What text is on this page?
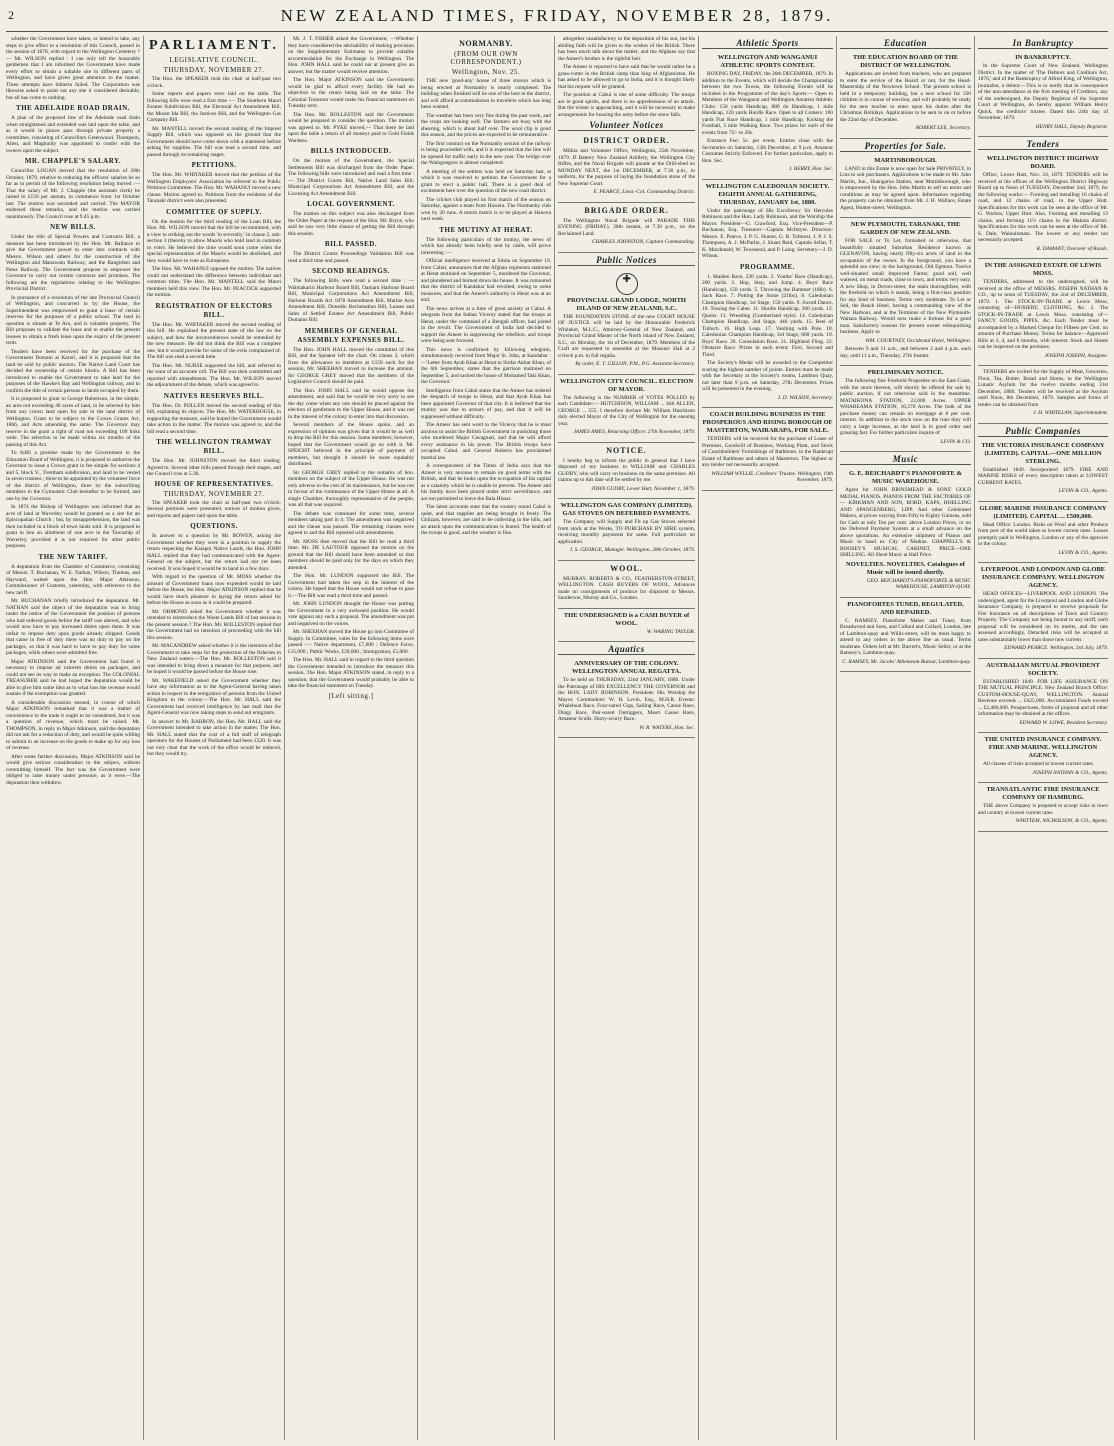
2	NEW ZEALAND TIMES, FRIDAY, NOVEMBER 28, 1879.

whether the Government have taken, or intend to take, any steps to give effect to a resolution of this Council, passed in the session of 1878, with regard to the Wellington Cemetery ? — Mr. WILSON replied : I can only tell the honorable gentlemen that I am informed the Government have made every effort to obtain a suitable site in different parts of Wellington, and have given great attention to the matter. Three attempts have hitherto failed. The Corporation was likewise asked to point out any site it considered desirable, but all has come to nothing.

THE ADELAIDE ROAD DRAIN.

A plan of the proposed line of the Adelaide road drain when straightened and extended was laid upon the table, and as it would in places pass through private property a committee, consisting of Councillors Greenwood, Thompson, Allen, and Maginnity was appointed to confer with the owners upon the subject.

MR. CHAPPLE'S SALARY.

Councillor LOGAN moved that the resolution of 20th October, 1879, relative to reducing the officers' salaries be so far as to permit of the following resolution being moved :— That the salary of Mr. J. Chapple (the assistant clerk) be raised to £150 per annum, to commence from 1st October last. The motion was seconded and carried. The MAYOR endorsed these remarks, and the motion was carried unanimously. The Council rose at 9.45 p.m.

NEW BILLS.

Under the title of Special Powers and Contracts Bill, a measure has been introduced by the Hon. Mr. Ballance to give the Government power to enter into contracts with Messrs. Wilson and others for the construction of the Wellington and Manawatu Railway, and the Rangitikei and Patea Railway. The Government propose to empower the Governor to carry out certain contracts and promises. The following are the regulations relating to the Wellington Provincial District.

In pursuance of a resolution of the late Provincial Council of Wellington, and concurred in by the House, the Superintendent was empowered to grant a lease of certain reserves for the purposes of a public school. The land in question is situate at Te Aro, and is valuable property. The Bill proposes to validate the lease and to enable the present lessees to obtain a fresh lease upon the expiry of the present term.

Tenders have been received for the purchase of the Government Domain at Karori, and it is proposed that the land be sold by public auction. The Native Land Court has decided the ownership of certain blocks. A Bill has been introduced to enable the Government to take land for the purposes of the Hawke's Bay and Wellington railway, and to confirm the title of certain persons to lands occupied by them.

It is proposed to grant to George Robertson, in fee simple, an area not exceeding 40 acres of land, to be selected by him from any crown land open for sale in the land district of Wellington. Grant to be subject to the Crown Grants Act, 1866, and Acts amending the same. The Governor may reserve in the grant a right of road not exceeding 100 links wide. The selection to be made within six months of the passing of this Act.

To fulfil a promise made by the Government to the Education Board of Wellington, it is proposed to authorise the Governor to issue a Crown grant in fee simple for sections 4 and 5, block V., Trentham subdivision, and land to be vested in seven trustees ; three to be appointed by the volunteer force of the district of Wellington, three by the subscribing members to the Gymnastic Club hereafter to be formed, and one by the Governor.

In 1874 the Bishop of Wellington was informed that an acre of land at Waverley would be granted as a site for an Episcopalian Church ; but, by misapprehension, the land was then included in a block of town lands sold. It is proposed to grant in lieu an allotment of one acre in the Township of Waverley, provided it is not required for other public purposes.

THE NEW TARIFF.

A deputation from the Chamber of Commerce, consisting of Messrs. T. Buchanan, W. E. Nathan, Wilson, Thomas, and Hayward, waited upon the Hon. Major Atkinson, Commissioner of Customs, yesterday, with reference to the new tariff.

Mr. BUCHANAN briefly introduced the deputation. Mr. NATHAN said the object of the deputation was to bring under the notice of the Government the position of persons who had ordered goods before the tariff was altered, and who would now have to pay increased duties upon them. It was unfair to impose duty upon goods already shipped. Goods that came in free of duty there was no duty to pay on the packages, so that it was hard to have to pay duty for some packages, while others were admitted free.

Major ATKINSON said the Government had found it necessary to impose ad valorem duties on packages, and could not see its way to make an exception. The COLONIAL TREASURER said he had hoped the deputation would be able to give him some idea as to what loss the revenue would sustain if the exemption was granted.

A considerable discussion ensued, in course of which Major ATKINSON remarked that it was a matter of convenience to the trade it ought to be considered, but it was a question of revenue, which must be raised. Mr. THOMPSON, in reply to Major Atkinson, said the deputation did not ask for a reduction of duty, and would be quite willing to submit to an increase on the goods to make up for any loss of revenue.

After some further discussion, Major ATKINSON said he would give serious consideration to the subject, without committing himself. The fact was the Government were obliged to raise money under pressure, as it were.—The deputation then withdrew.

PARLIAMENT.

LEGISLATIVE COUNCIL.

THURSDAY, NOVEMBER 27.

The Hon. the SPEAKER took the chair at half-past two o'clock.

Some reports and papers were laid on the table. The following bills were read a first time :— The Southern Maori Estates Subdivision Bill, the Electoral Act Amendment Bill, the Mount Ida Bill, the Justices Bill, and the Wellington Gas Company Bill.

Mr. MANTELL moved the second reading of the Imprest Supply Bill, which was opposed on the ground that the Government should have come down with a statement before asking for supplies. The bill was read a second time, and passed through its remaining stages.

PETITIONS.

The Hon. Mr. WHITAKER moved that the petition of the Wellington Employers' Association be referred to the Public Petitions Committee. The Hon. Mr. WAHANUI moved a new clause. Motion agreed to. Petitions from the residents of the Taranaki district were also presented.

COMMITTEE OF SUPPLY.

On the motion for the third reading of the Loan Bill, the Hon. Mr. WILSON moved that the bill be recommitted, with a view to striking out the words 'in severalty,' in clause 2, sub-section 3 (thereby to allow Maoris who hold land in common to vote). He believed the time would soon come when the special representation of the Maoris would be abolished, and they would have to vote as Europeans.

The Hon. Mr. WAHANUI opposed the motion. The natives could not understand the difference between individual and common titles. The Hon. Mr. MANTELL said the Maori members held this view. The Hon. Mr. PEACOCK supported the motion.

REGISTRATION OF ELECTORS BILL.

The Hon. Mr. WHITAKER moved the second reading of this bill. He explained the present state of the law on the subject, and how the inconveniences would be remedied by the new measure. He did not think the Bill was a complete one, but it would provide for some of the evils complained of. The bill was read a second time.

The Hon. Mr. NURSE supported the bill, and referred to the want of an accurate roll. The Bill was then committed and reported with amendments. The Hon. Mr. WILSON moved the adjournment of the debate, which was agreed to.

NATIVES RESERVES BILL.

The Hon. Dr. POLLEN moved the second reading of this bill, explaining its objects. The Hon. Mr. WATERHOUSE, in supporting the measure, said he hoped the Government would take action in the matter. The motion was agreed to, and the bill read a second time.

THE WELLINGTON TRAMWAY BILL.

The Hon. Mr. JOHNSTON moved the third reading. Agreed to. Several other bills passed through their stages, and the Council rose at 5.30.

HOUSE OF REPRESENTATIVES.

THURSDAY, NOVEMBER 27.

The SPEAKER took the chair at half-past two o'clock. Several petitions were presented, notices of motion given, and reports and papers laid upon the table.

QUESTIONS.

In answer to a question by Mr. BOWEN, asking the Government whether they were in a position to supply the return respecting the Kaiapoi Native Lands, the Hon. JOHN HALL replied that they had communicated with the Agent-General on the subject, but the return had not yet been received. It was hoped it would be to hand in a few days.

With regard to the question of Mr. MOSS whether the amount of Government loans now expended would be laid before the House, the Hon. Major ATKINSON replied that he would have much pleasure in laying the return asked for before the House as soon as it could be prepared.

Mr. ORMOND asked the Government whether it was intended to reintroduce the Waste Lands Bill of last session in the present session ? The Hon. Mr. ROLLESTON replied that the Government had no intention of proceeding with the bill this session.

Mr. MACANDREW asked whether it is the intention of the Government to take steps for the protection of the fisheries in New Zealand waters.—The Hon. Mr. ROLLESTON said it was intended to bring down a measure for that purpose, and he hoped it would be passed before the House rose.

Mr. WAKEFIELD asked the Government whether they have any information as to the Agent-General having taken action in respect to the emigration of persons from the United Kingdom to the colony.—The Hon. Mr. HALL said the Government had received intelligence by last mail that the Agent-General was now taking steps to send out emigrants.

In answer to Mr. BARRON, the Hon. Mr. HALL said the Government intended to take action in the matter. The Hon. Mr. HALL stated that the cost of a full staff of telegraph operators for the Houses of Parliament had been £320. It was not very clear that the work of the office would be reduced, but they would try.

Mr. J. T. FISHER asked the Government, —Whether they have considered the advisability of making provision on the Supplementary Estimates to provide suitable accommodation for the Exchange in Wellington. The Hon. JOHN HALL said he could not at present give an answer, but the matter would receive attention.

The Hon. Major ATKINSON said the Government would be glad to afford every facility. He had no objection to the return being laid on the table. The Colonial Treasurer would make his financial statement on Tuesday next.

The Hon. Mr. ROLLESTON said the Government would be prepared to consider the question. The motion was agreed to. Mr. PYKE moved,— That there be laid upon the table a return of all moneys paid to Gold Fields Wardens.

BILLS INTRODUCED.

On the motion of the Government, the Special Settlements Bill was discharged from the Order Paper. The following bills were introduced and read a first time :— The District Courts Bill, Native Land Sales Bill, Municipal Corporations Act Amendment Bill, and the Licensing Act Amendment Bill.

LOCAL GOVERNMENT.

The motion on this subject was also discharged from the Order Paper at the request of the Hon. Mr. Bryce, who said he saw very little chance of getting the Bill through this session.

BILL PASSED.

The District Courts Proceedings Validation Bill was read a third time and passed.

SECOND READINGS.

The following Bills were read a second time : —Waimakariri Harbour Board Bill, Oamaru Harbour Board Bill, Municipal Corporations Act Amendment Bill, Harbour Boards Act 1878 Amendment Bill, Marine Acts Amendment Bill, Dunedin Reclamation Bill, Leases and Sales of Settled Estates Act Amendment Bill, Public Domains Bill.

MEMBERS OF GENERAL ASSEMBLY EXPENSES BILL.

The Hon. JOHN HALL moved the committal of this Bill, and the Speaker left the chair. On clause 3, which fixes the allowance to members at £150 each for the session, Mr. SHEEHAN moved to increase the amount. Sir GEORGE GREY moved that the members of the Legislative Council should be paid.

The Hon. JOHN HALL said he would oppose the amendment, and said that he would be very sorry to see the day come when any one should be placed against the election of gentlemen to the Upper House, and it was not in the interest of the colony to enter into that discussion.

Several members of the House spoke, and an expression of opinion was given that it would be as well to drop the Bill for this session. Some members, however, hoped that the Government would go on with it. Mr. SPEIGHT believed in the principle of payment of members, but thought it should be more equitably distributed.

Sir GEORGE GREY replied to the remarks of hon. members on the subject of the Upper House. He was not only adverse to the cost of its maintenance, but he was not in favour of the continuance of the Upper House at all. A single Chamber, thoroughly representative of the people, was all that was required.

The debate was continued for some time, several members taking part in it. The amendment was negatived and the clause was passed. The remaining clauses were agreed to and the Bill reported with amendments.

Mr. MOSS then moved that the Bill be read a third time. Mr. DE LAUTOUR opposed the motion on the ground that the Bill should have been amended so that members should be paid only for the days on which they attended.

The Hon. Mr. LUNDON supported the Bill. The Government had taken the step in the interest of the colony. He hoped that the House would not refuse to pass it.—The Bill was read a third time and passed.

Mr. JOHN LUNDON thought the House was putting the Government in a very awkward position. He would vote against any such a proposal. The amendment was put and negatived on the voices.

Mr. SHEEHAN moved the House go into Committee of Supply. In Committee, votes for the following items were passed :— Native department, £7,000 ; Defence Force, £15,000 ; Public Works, £20,000 ; Immigration, £5,000.

The Hon. Mr. HALL said in regard to the third question the Government intended to introduce the measure this session. The Hon. Major ATKINSON stated, in reply to a question, that the Government would probably be able to take the financial statement on Tuesday.

[Left sitting.]

NORMANBY.

(FROM OUR OWN CORRESPONDENT.)

Wellington, Nov. 25.

THE new 'good-any' house of three storeys which is being erected at Normanby is nearly completed. The building when finished will be one of the best in the district, and will afford accommodation to travellers which has long been wanted.

The weather has been very fine during the past week, and the crops are looking well. The farmers are busy with the shearing, which is about half over. The wool clip is good this season, and the prices are expected to be remunerative.

The first contract on the Normanby section of the railway is being proceeded with, and it is expected that the line will be opened for traffic early in the new year. The bridge over the Waingongoro is almost completed.

A meeting of the settlers was held on Saturday last, at which it was resolved to petition the Government for a grant to erect a public hall. There is a good deal of excitement here over the question of the new road district.

The cricket club played its first match of the season on Saturday, against a team from Hawera. The Normanby club won by 20 runs. A return match is to be played at Hawera next week.

THE MUTINY AT HERAT.

The following particulars of the mutiny, the news of which has already been briefly sent by cable, will prove interesting :—

Official intelligence received at Simla on September 19, from Cabul, announces that the Afghan regiments stationed at Herat mutinied on September 5, murdered the Governor, and plundered and burned down his house. It was rumoured that the district of Kandahar had revolted, owing to some measures, and that the Ameer's authority in Herat was at an end.

The news arrives at a time of great anxiety at Cabul. A telegram from the Indian Viceroy stated that the troops at Herat, under the command of a Bengali officer, had joined in the revolt. The Government of India had decided to support the Ameer in suppressing the rebellion, and troops were being sent forward.

This news is confirmed by following telegram, simultaneously received from Major St. John, at Kandahar :—'Letter from Ayub Khan at Herat to Sirdar Akbar Khan, of the 6th September, states that the garrison mutinied on September 5, and sacked the house of Mohamed Taki Khan, the Governor.'

Intelligence from Cabul states that the Ameer has ordered the despatch of troops to Herat, and that Ayub Khan has been appointed Governor of that city. It is believed that the mutiny was due to arrears of pay, and that it will be suppressed without difficulty.

The Ameer has sent word to the Viceroy that he is most anxious to assist the British Government in punishing those who murdered Major Cavagnari, and that he will afford every assistance in his power. The British troops have occupied Cabul, and General Roberts has proclaimed martial law.

A correspondent of the Times of India says that the Ameer is very anxious to remain on good terms with the British, and that he looks upon the occupation of his capital as a calamity which he is unable to prevent. The Ameer and his family have been placed under strict surveillance, and are not permitted to leave the Bala Hissar.

The latest accounts state that the country round Cabul is quiet, and that supplies are being brought in freely. The Ghilzais, however, are said to be collecting in the hills, and an attack upon the communications is feared. The health of the troops is good, and the weather is fine.

altogether unsatisfactory to the deposition of his son, but his abiding faith will be given to the wishes of the British. There has been much talk about the matter, and the Afghans say that the Ameer's brother is the rightful heir.

The Ameer is reported to have said that he would rather be a grass-cutter in the British camp than king of Afghanistan. He has asked to be allowed to go to India, and it is thought likely that his request will be granted.

The position at Cabul is one of some difficulty. The troops are in good spirits, and there is no apprehension of an attack. But the winter is approaching, and it will be necessary to make arrangements for housing the army before the snow falls.

Volunteer Notices

DISTRICT ORDER.

Militia and Volunteer Office, Wellington, 25th November, 1879. D Battery New Zealand Artillery, the Wellington City Rifles, and the Naval Brigade will parade at the Drill-shed on MONDAY NEXT, the 1st DECEMBER, at 7.30 p.m., in uniform, for the purpose of laying the foundation stone of the New Supreme Court.

E. PEARCE, Lieut.-Col. Commanding District.

BRIGADE ORDER.

The Wellington Naval Brigade will PARADE THIS EVENING (FRIDAY), 28th instant, at 7.30 p.m., on the Reclaimed Land.

CHARLES JOHNSTON, Captain Commanding.

Public Notices

✚

PROVINCIAL GRAND LODGE, NORTH ISLAND OF NEW ZEALAND, S.C.

THE FOUNDATION STONE of the new COURT HOUSE OF JUSTICE will be laid by the Honourable Frederick Whitaker, M.L.C., Attorney-General of New Zealand, and Provincial Grand Master of the North Island of New Zealand, S.C., on Monday, the 1st of December, 1879. Members of the Craft are requested to assemble at the Masonic Hall at 2 o'clock p.m. in full regalia.

By order, E. T. GILLON, P.M., P.G. Assistant-Secretary.

WELLINGTON CITY COUNCIL. ELECTION OF MAYOR.

The following is the NUMBER of VOTES POLLED by each Candidate:— HUTCHISON, WILLIAM ... 646 ALLEN, GEORGE ... 555. I therefore declare Mr. William Hutchison duly elected Mayor of the City of Wellington for the ensuing year.

JAMES AMES, Returning Officer. 27th November, 1879.

NOTICE.

I hereby beg to inform the public in general that I have disposed of my business to WILLIAM and CHARLES GUDBY, who will carry on business on the same premises. All claims up to this date will be settled by me.

JOHN GUDBY, Lower Hutt, November 1, 1879.

WELLINGTON GAS COMPANY (LIMITED). GAS STOVES ON DEFERRED PAYMENTS.

The Company will Supply and Fit up Gas Stoves selected from stock at the Works, TO PURCHASE BY HIRE system, receiving monthly payments for same. Full particulars on application.

J. S. GEORGE, Manager. Wellington, 28th October, 1879.

WOOL.

MURRAY, ROBERTS & CO., FEATHERSTON-STREET, WELLINGTON. CASH BUYERS OF WOOL. Advances made on consignments of produce for shipment to Messrs. Sanderson, Murray and Co., London.

THE UNDERSIGNED is a CASH BUYER of WOOL.

W. WARING TAYLOR.

Aquatics

ANNIVERSARY OF THE COLONY. WELLINGTON ANNUAL REGATTA.

To be held on THURSDAY, 22nd JANUARY, 1880. Under the Patronage of HIS EXCELLENCY THE GOVERNOR and the HON. LADY ROBINSON. President: His Worship the Mayor. Commodore: W. H. Levin, Esq., M.H.R. Events: Whaleboat Race, Four-oared Gigs, Sailing Race, Canoe Race, Dingy Race, Pair-oared Outriggers, Maori Canoe Race, Amateur Sculls, Hurry-scurry Race.

W. R. WATERS, Hon. Sec.

Athletic Sports

WELLINGTON AND WANGANUI ATHLETIC SPORTS CONTEST.

BOXING DAY, FRIDAY, the 26th DECEMBER, 1879. In addition to the Events, which will decide the Championship between the two Towns, the following Events will be included in the Programme of the day's Sports:— Open to Members of the Wanganui and Wellington Amateur Athletic Clubs: 150 yards Handicap, 880 do Handicap, 1 mile Handicap, 120 yards Hurdle Race. Open to all Comers: 100 yards Flat Race Handicap, 1 mile Handicap, Kicking the Football, 3 mile Walking Race. Two prizes for each of the events from 75/- to 20s.

Entrance Fee: 5s. per event. Entries close with the Secretaries on Saturday, 13th December, at 9 p.m. Amateur Costumes Strictly Enforced. For further particulars, apply to Hon. Sec.

J. BERRY, Hon. Sec.

WELLINGTON CALEDONIAN SOCIETY. EIGHTH ANNUAL GATHERING, THURSDAY, JANUARY 1st, 1880.

Under the patronage of His Excellency Sir Hercules Robinson and the Hon. Lady Robinson, and the Worship the Mayor. President—G. Crawford, Esq. Vice-President—P. Buchanan, Esq. Treasurer—Captain McIntyre. Directors: Messrs. E. Pearce, J. P. G. Hunter, G. R. Tolhurst, J. P. J. S. Thompson, A. J. McParlin, J. Stuart Reid, Captain Sellar, T. K. Macdonald, W. Townsend, and P. Laing. Secretary—J. D. Wilson.

PROGRAMME.

1. Maiden Race, 220 yards. 2. Youths' Race (Handicap), 200 yards. 3. Hop, Step, and Jump. 4. Boys' Race (Handicap), 150 yards. 5. Throwing the Hammer (18lb). 6. Sack Race. 7. Putting the Stone (21lbs). 8. Caledonian Champion Handicap, 1st Stage, 150 yards. 9. Sword Dance. 10. Tossing the Caber. 11. Hurdle Handicap, 300 yards. 12. Quoits. 13. Wrestling (Cumberland style). 14. Caledonian Champion Handicap, 2nd Stage, 440 yards. 15. Reel of Tulloch. 16. High Leap. 17. Vaulting with Pole. 18. Caledonian Champion Handicap, 3rd Stage, 800 yards. 19. Boys' Race. 20. Consolation Race. 21. Highland Fling. 22. Obstacle Race. Prizes in each event: First, Second and Third.

The Society's Medal will be awarded to the Competitor scoring the highest number of points. Entries must be made with the Secretary at the Society's rooms, Lambton Quay, not later than 9 p.m. on Saturday, 27th December. Prizes will be presented in the evening.

J. D. WILSON, Secretary.

COACH BUILDING BUSINESS IN THE PROSPEROUS AND RISING BOROUGH OF MASTERTON, WAIRARAPA, FOR SALE.

TENDERS will be received for the purchase of Lease of Premises, Goodwill of Business, Working Plant, and Stock of Coachbuilders' Furnishings of Rathbone, in the Bankrupt Estate of Rathbone and others of Masterton. The highest or any tender not necessarily accepted.

WILLIAM WYLLIE, Creditors' Trustee. Wellington, 19th November, 1879.

Education

THE EDUCATION BOARD OF THE DISTRICT OF WELLINGTON.

Applications are invited from teachers, who are prepared to enter the service of the Board or not, for the Head-Mastership of the Newtown School. The present school is held in a temporary building, but a new school for 350 children is in course of erection, and will probably be ready for the new teacher to enter upon his duties after the Christmas Holidays. Applications to be sent in on or before the 22nd day of December.

ROBERT LEE, Secretary.

Properties for Sale.

MARTINBOROUGH.

LAND in this Estate is now open for Sale PRIVATELY, in Lots to suit purchasers. Applications to be made to Mr. John Martin, Jun., Huangarua Station, near Martinborough, who is empowered by the Hon. John Martin to sell on terms and conditions as may be agreed upon. Information regarding the property can be obtained from Mr. J. H. Wallace, Estate Agent, Hunter-street, Wellington.

NEW PLYMOUTH, TARANAKI, THE GARDEN OF NEW ZEALAND.

FOR SALE or To Let, furnished or otherwise, that beautifully situated Suburban Residence known as GLENAVON, having nearly fifty-six acres of land in the occupation of the owner. In the foreground, you have a splendid sea view; in the background, Old Egmont. Twelve well-situated small Improved Farms; good soil, well watered, on metal roads, close to town, and terms very easy. A new Shop, in Devon-street, the main thoroughfare, with the freehold on which it stands, being a first-class position for any kind of business. Terms very moderate. To Let or Sell, the Beach Hotel, having a commanding view of the New Harbour, and at the Terminus of the New Plymouth-Waitara Railway. Would now make a fortune for a good man. Satisfactory reasons for present owner relinquishing business. Apply to

WM. COURTNEY, Occidental Hotel, Wellington.

Between 9 and 11 a.m., and between 2 and 4 p.m. each day, until 11 a.m., Thursday, 27th Instant.

PRELIMINARY NOTICE.

The following fine Freehold Properties on the East Coast, with the stock thereon, will shortly be offered for sale by public auction, if not otherwise sold in the meantime. MATAIKONA STATION, 22,000 Acres. UPPER WHAREAMA STATION, 16,270 Acres. The bulk of the purchase money can remain on mortgage at 8 per cent. interest. In addition to the stock now on the runs they will carry a large increase, as the land is in good order and grassing fast. For further particulars inquire of

LEVIN & CO.

Music

G. E. REICHARDT'S PIANOFORTE & MUSIC WAREHOUSE.

Agent for JOHN BRINSMEAD & SONS' GOLD MEDAL PIANOS. PIANOS FROM THE FACTORIES OF— KIRKMAN AND SON, BORD, KAPS, HOELLING AND SPANGENBERG, LIPP. And other Celebrated Makers, at prices varying from Fifty to Eighty Guineas, sold for Cash at only Ten per cent. above London Prices, or on the Deferred Payment System at a small advance on the above quotations. An extensive shipment of Pianos and Music to hand ex City of Madras. CHAPPELL'S & BOOSEY'S MUSICAL CABINET, PRICE—ONE SHILLING. All Sheet Music at Half Price.

NOVELTIES. NOVELTIES. Catalogues of Music will be issued shortly.

GEO. REICHARDT'S PIANOFORTE & MUSIC WAREHOUSE, LAMBTON-QUAY.

PIANOFORTES TUNED, REGULATED, AND REPAIRED.

C. RAMSEY, Pianoforte Maker and Tuner, from Broadwood and Sons, and Collard and Collard, London, late of Lambton-quay and Willis-street, will be most happy to attend to any orders in the above line as usual. Terms moderate. Orders left at Mr. Burrett's, Music Seller, or at the Ramsey's, Lambton-quay.

C. RAMSEY, Mr. Jacobs' Athenæum Bazaar, Lambton-quay.

In Bankruptcy

IN BANKRUPTCY.

In the Supreme Court of New Zealand, Wellington District. In the matter of 'The Debtors and Creditors Act, 1876,' and of the Bankruptcy of Alfred King, of Wellington, journalist, a debtor.—This is to notify that in consequence of the non-attendance at the first meeting of Creditors, any of the undersigned, the Deputy Registrar of the Supreme Court at Wellington, do hereby appoint William Henry Quick, the creditors' trustee. Dated this 24th day of November, 1879.

HENRY HALL, Deputy Registrar.

Tenders

WELLINGTON DISTRICT HIGHWAY BOARD.

Office, Lower Hutt, Nov. 24, 1879. TENDERS will be received at the offices of the Wellington District Highway Board up to Noon of TUESDAY, December 2nd, 1879, for the following works:— Forming and metalling 16 chains of road, and 12 chains of road, in the Upper Hutt. Specifications for this work can be seen at the office of Mr. G. Warlow, Upper Hutt. Also, Forming and metalling 13 chains, and forming 11½ chains in the Makara district. Specifications for this work can be seen at the office of Mr. S. Dale, Wainuiomata. The lowest or any tender not necessarily accepted.

R. DAMANT, Overseer of Roads.

IN THE ASSIGNED ESTATE OF LEWIS MOSS.

TENDERS, addressed to the undersigned, will be received at the office of MESSRS. JOSEPH NATHAN & CO., up to noon of TUESDAY, the 2nd of DECEMBER, 1879. 1. The STOCK-IN-TRADE at Lewis Moss, consisting of—HOSIERY, CLOTHING, &c. 2. The STOCK-IN-TRADE at Lewis Moss, consisting of—FANCY GOODS, PIPES, &c. Each Tender must be accompanied by a Marked Cheque for Fifteen per Cent. on amount of Purchase Money. Terms for balance—Approved Bills at 3, 4, and 6 months, with interest. Stock and Sheets can be inspected on the premises.

JOSEPH JOSEPH, Assignee.

TENDERS are invited for the Supply of Meat, Groceries, Flour, Tea, Butter, Bread and Stores, to the Wellington Lunatic Asylum for the twelve months ending 31st December, 1880. Tenders will be received at the Asylum until Noon, 8th December, 1879. Samples and forms of tender can be obtained from

J. H. WHITELAW, Superintendent.

Public Companies

THE VICTORIA INSURANCE COMPANY (LIMITED). CAPITAL—ONE MILLION STERLING.

Established 1849. Incorporated 1879. FIRE AND MARINE RISKS of every description taken at LOWEST CURRENT RATES.

LEVIN & CO., Agents.

GLOBE MARINE INSURANCE COMPANY (LIMITED). CAPITAL ... £500,000.

Head Office: London. Risks on Wool and other Produce from port of the world taken at lowest current rates. Losses promptly paid in Wellington, London or any of the agencies in the colony.

LEVIN & CO., Agents.

LIVERPOOL AND LONDON AND GLOBE INSURANCE COMPANY. WELLINGTON AGENCY.

HEAD OFFICES—LIVERPOOL AND LONDON. The undersigned, agent for the Liverpool and London and Globe Insurance Company, is prepared to receive proposals for Fire Insurance on all descriptions of Town and Country Property. The Company not being bound to any tariff, each proposal will be considered on its merits, and the rate assessed accordingly. Detached risks will be accepted at rates substantially lower than those now current.

EDWARD PEARCE. Wellington, 3rd July, 1879.

AUSTRALIAN MUTUAL PROVIDENT SOCIETY.

ESTABLISHED 1849. FOR LIFE ASSURANCE ON THE MUTUAL PRINCIPLE. New Zealand Branch Office: CUSTOM-HOUSE-QUAY, WELLINGTON. Annual Revenue exceeds ... £625,000. Accumulated Funds exceed ... £2,400,000. Prospectuses, forms of proposal and all other information may be obtained at the offices.

EDWARD W. LOWE, Resident Secretary.

THE UNITED INSURANCE COMPANY. FIRE AND MARINE. WELLINGTON AGENCY.

All classes of risks accepted at lowest current rates.

JOSEPH NATHAN & CO., Agents.

TRANSATLANTIC FIRE INSURANCE COMPANY OF HAMBURG.

THE above Company is prepared to accept risks in town and country at lowest current rates.

WHITTEM, NICHOLSON, & CO., Agents.
